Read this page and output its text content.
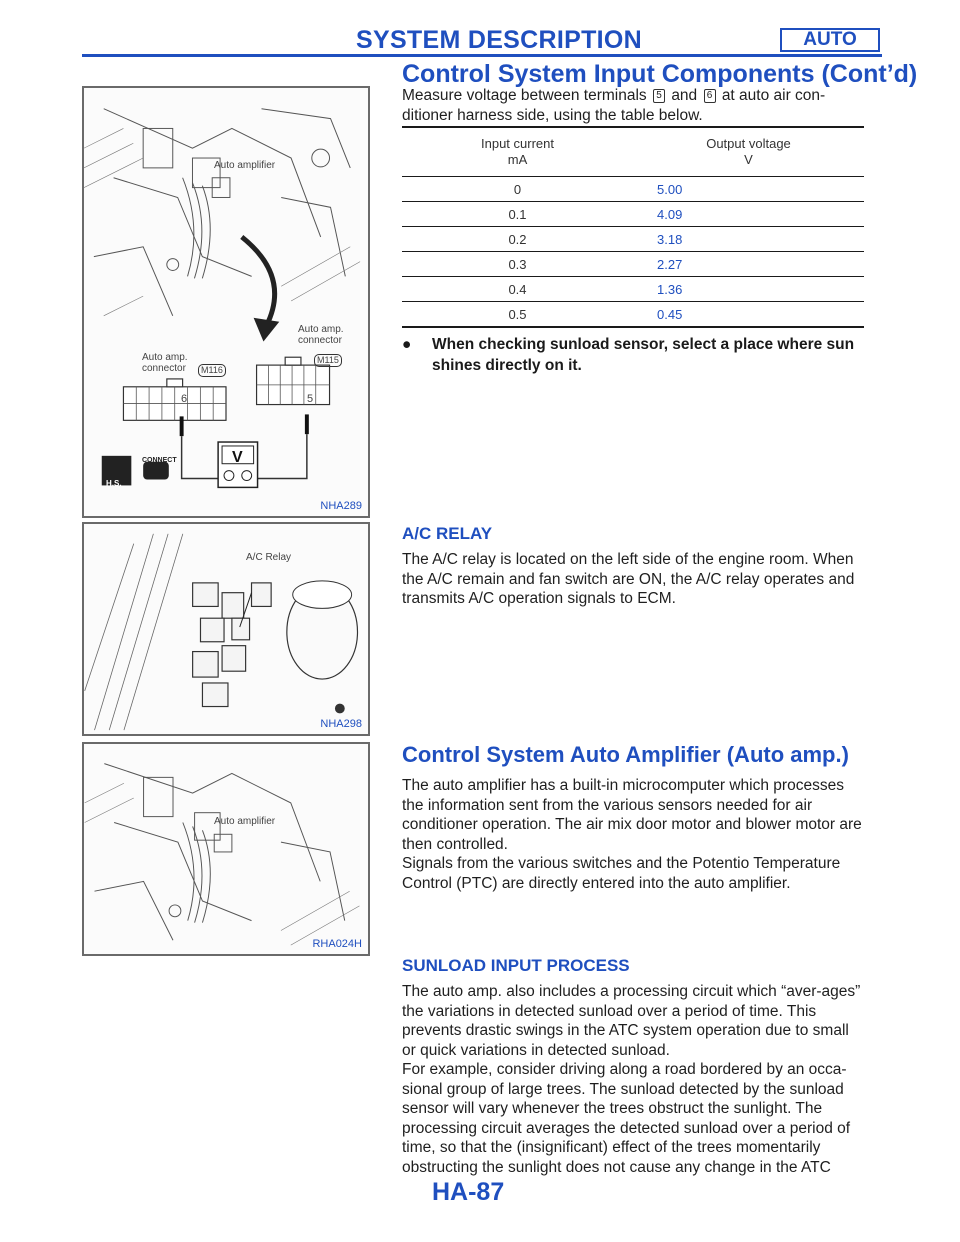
SYSTEM DESCRIPTION	AUTO
Control System Input Components (Cont’d)
Auto amplifier
Auto amp.
connector
Auto amp.
connector	M116
M115
6	5
V
H.S.
CONNECT
NHA289
A/C Relay
NHA298
Auto amplifier
RHA024H
Measure voltage between terminals 5 and 6 at auto air con-
ditioner harness side, using the table below.
Input current
mA
Output voltage
V
0	5.00
0.1	4.09
0.2	3.18
0.3	2.27
0.4	1.36
0.5	0.45
●	When checking sunload sensor, select a place where sun shines directly on it.
A/C RELAY
The A/C relay is located on the left side of the engine room. When the A/C remain and fan switch are ON, the A/C relay operates and transmits A/C operation signals to ECM.
Control System Auto Amplifier (Auto amp.)
The auto amplifier has a built-in microcomputer which processes the information sent from the various sensors needed for air conditioner operation. The air mix door motor and blower motor are then controlled.
Signals from the various switches and the Potentio Temperature Control (PTC) are directly entered into the auto amplifier.
SUNLOAD INPUT PROCESS
The auto amp. also includes a processing circuit which “aver-ages” the variations in detected sunload over a period of time. This prevents drastic swings in the ATC system operation due to small or quick variations in detected sunload.
For example, consider driving along a road bordered by an occa-sional group of large trees. The sunload detected by the sunload sensor will vary whenever the trees obstruct the sunlight. The processing circuit averages the detected sunload over a period of time, so that the (insignificant) effect of the trees momentarily obstructing the sunlight does not cause any change in the ATC
HA-87
